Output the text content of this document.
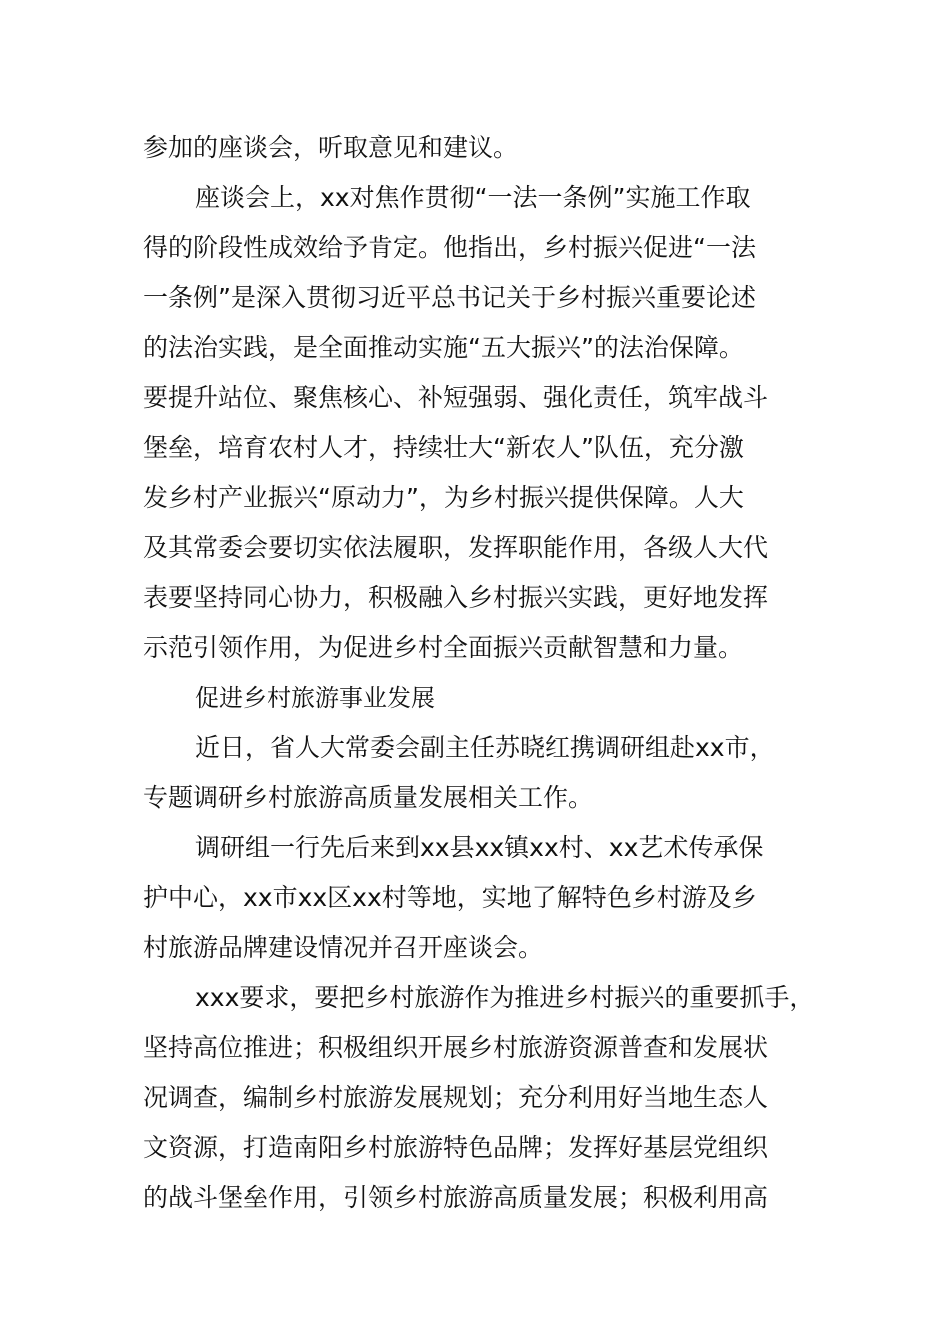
参加的座谈会，听取意见和建议。
座谈会上，xx对焦作贯彻“一法一条例”实施工作取
得的阶段性成效给予肯定。他指出，乡村振兴促进“一法
一条例”是深入贯彻习近平总书记关于乡村振兴重要论述
的法治实践，是全面推动实施“五大振兴”的法治保障。
要提升站位、聚焦核心、补短强弱、强化责任，筑牢战斗
堡垒，培育农村人才，持续壮大“新农人”队伍，充分激
发乡村产业振兴“原动力”，为乡村振兴提供保障。人大
及其常委会要切实依法履职，发挥职能作用，各级人大代
表要坚持同心协力，积极融入乡村振兴实践，更好地发挥
示范引领作用，为促进乡村全面振兴贡献智慧和力量。
促进乡村旅游事业发展
近日，省人大常委会副主任苏晓红携调研组赴xx市，
专题调研乡村旅游高质量发展相关工作。
调研组一行先后来到xx县xx镇xx村、xx艺术传承保
护中心，xx市xx区xx村等地，实地了解特色乡村游及乡
村旅游品牌建设情况并召开座谈会。
xxx要求，要把乡村旅游作为推进乡村振兴的重要抓手，
坚持高位推进；积极组织开展乡村旅游资源普查和发展状
况调查，编制乡村旅游发展规划；充分利用好当地生态人
文资源，打造南阳乡村旅游特色品牌；发挥好基层党组织
的战斗堡垒作用，引领乡村旅游高质量发展；积极利用高
